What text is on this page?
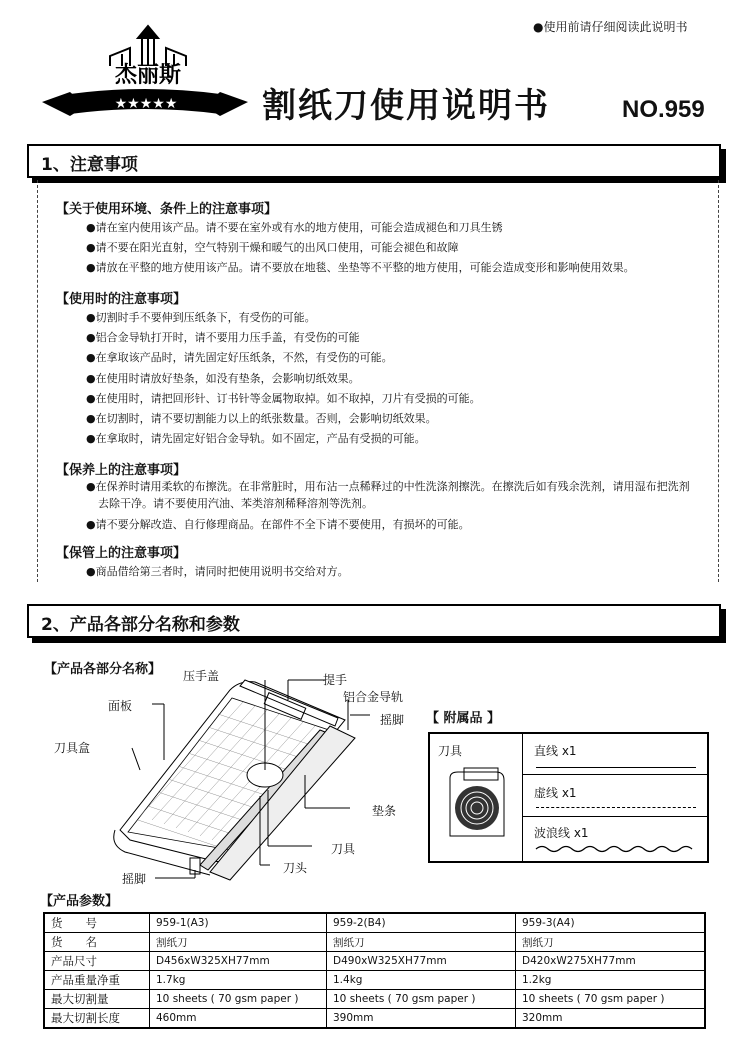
●使用前请仔细阅读此说明书
杰丽斯
★★★★★ 割纸刀使用说明书	NO.959
1、注意事项
【关于使用环境、条件上的注意事项】
● 请在室内使用该产品。请不要在室外或有水的地方使用，可能会造成褪色和刀具生锈
● 请不要在阳光直射，空气特别干燥和暖气的出风口使用，可能会褪色和故障
● 请放在平整的地方使用该产品。请不要放在地毯、坐垫等不平整的地方使用，可能会造成变形和影响使用效果。
【使用时的注意事项】
● 切割时手不要伸到压纸条下，有受伤的可能。
● 铝合金导轨打开时，请不要用力压手盖，有受伤的可能
● 在拿取该产品时，请先固定好压纸条，不然，有受伤的可能。
● 在使用时请放好垫条，如没有垫条，会影响切纸效果。
● 在使用时，请把回形针、订书针等金属物取掉。如不取掉，刀片有受损的可能。
● 在切割时，请不要切割能力以上的纸张数量。否则，会影响切纸效果。
● 在拿取时，请先固定好铝合金导轨。如不固定，产品有受损的可能。
【保养上的注意事项】
● 在保养时请用柔软的布擦洗。在非常脏时，用布沾一点稀释过的中性洗涤剂擦洗。在擦洗后如有残余洗剂，请用湿布把洗剂去除干净。请不要使用汽油、苯类溶剂稀释溶剂等洗剂。
● 请不要分解改造、自行修理商品。在部件不全下请不要使用，有损坏的可能。
【保管上的注意事项】
● 商品借给第三者时，请同时把使用说明书交给对方。
2、产品各部分名称和参数
【产品各部分名称】 压手盖	提手
铝合金导轨
摇脚
面板
刀具盒
垫条
刀具
刀头
摇脚
【 附属品 】
刀具	直线 x1
虚线 x1
波浪线 x1
【产品参数】
货　　号	959-1(A3)	959-2(B4)	959-3(A4)
货　　名	割纸刀	割纸刀	割纸刀
产品尺寸	D456xW325XH77mm	D490xW325XH77mm	D420xW275XH77mm
产品重量净重	1.7kg	1.4kg	1.2kg
最大切割量	10 sheets ( 70 gsm paper )	10 sheets ( 70 gsm paper )	10 sheets ( 70 gsm paper )
最大切割长度	460mm	390mm	320mm
